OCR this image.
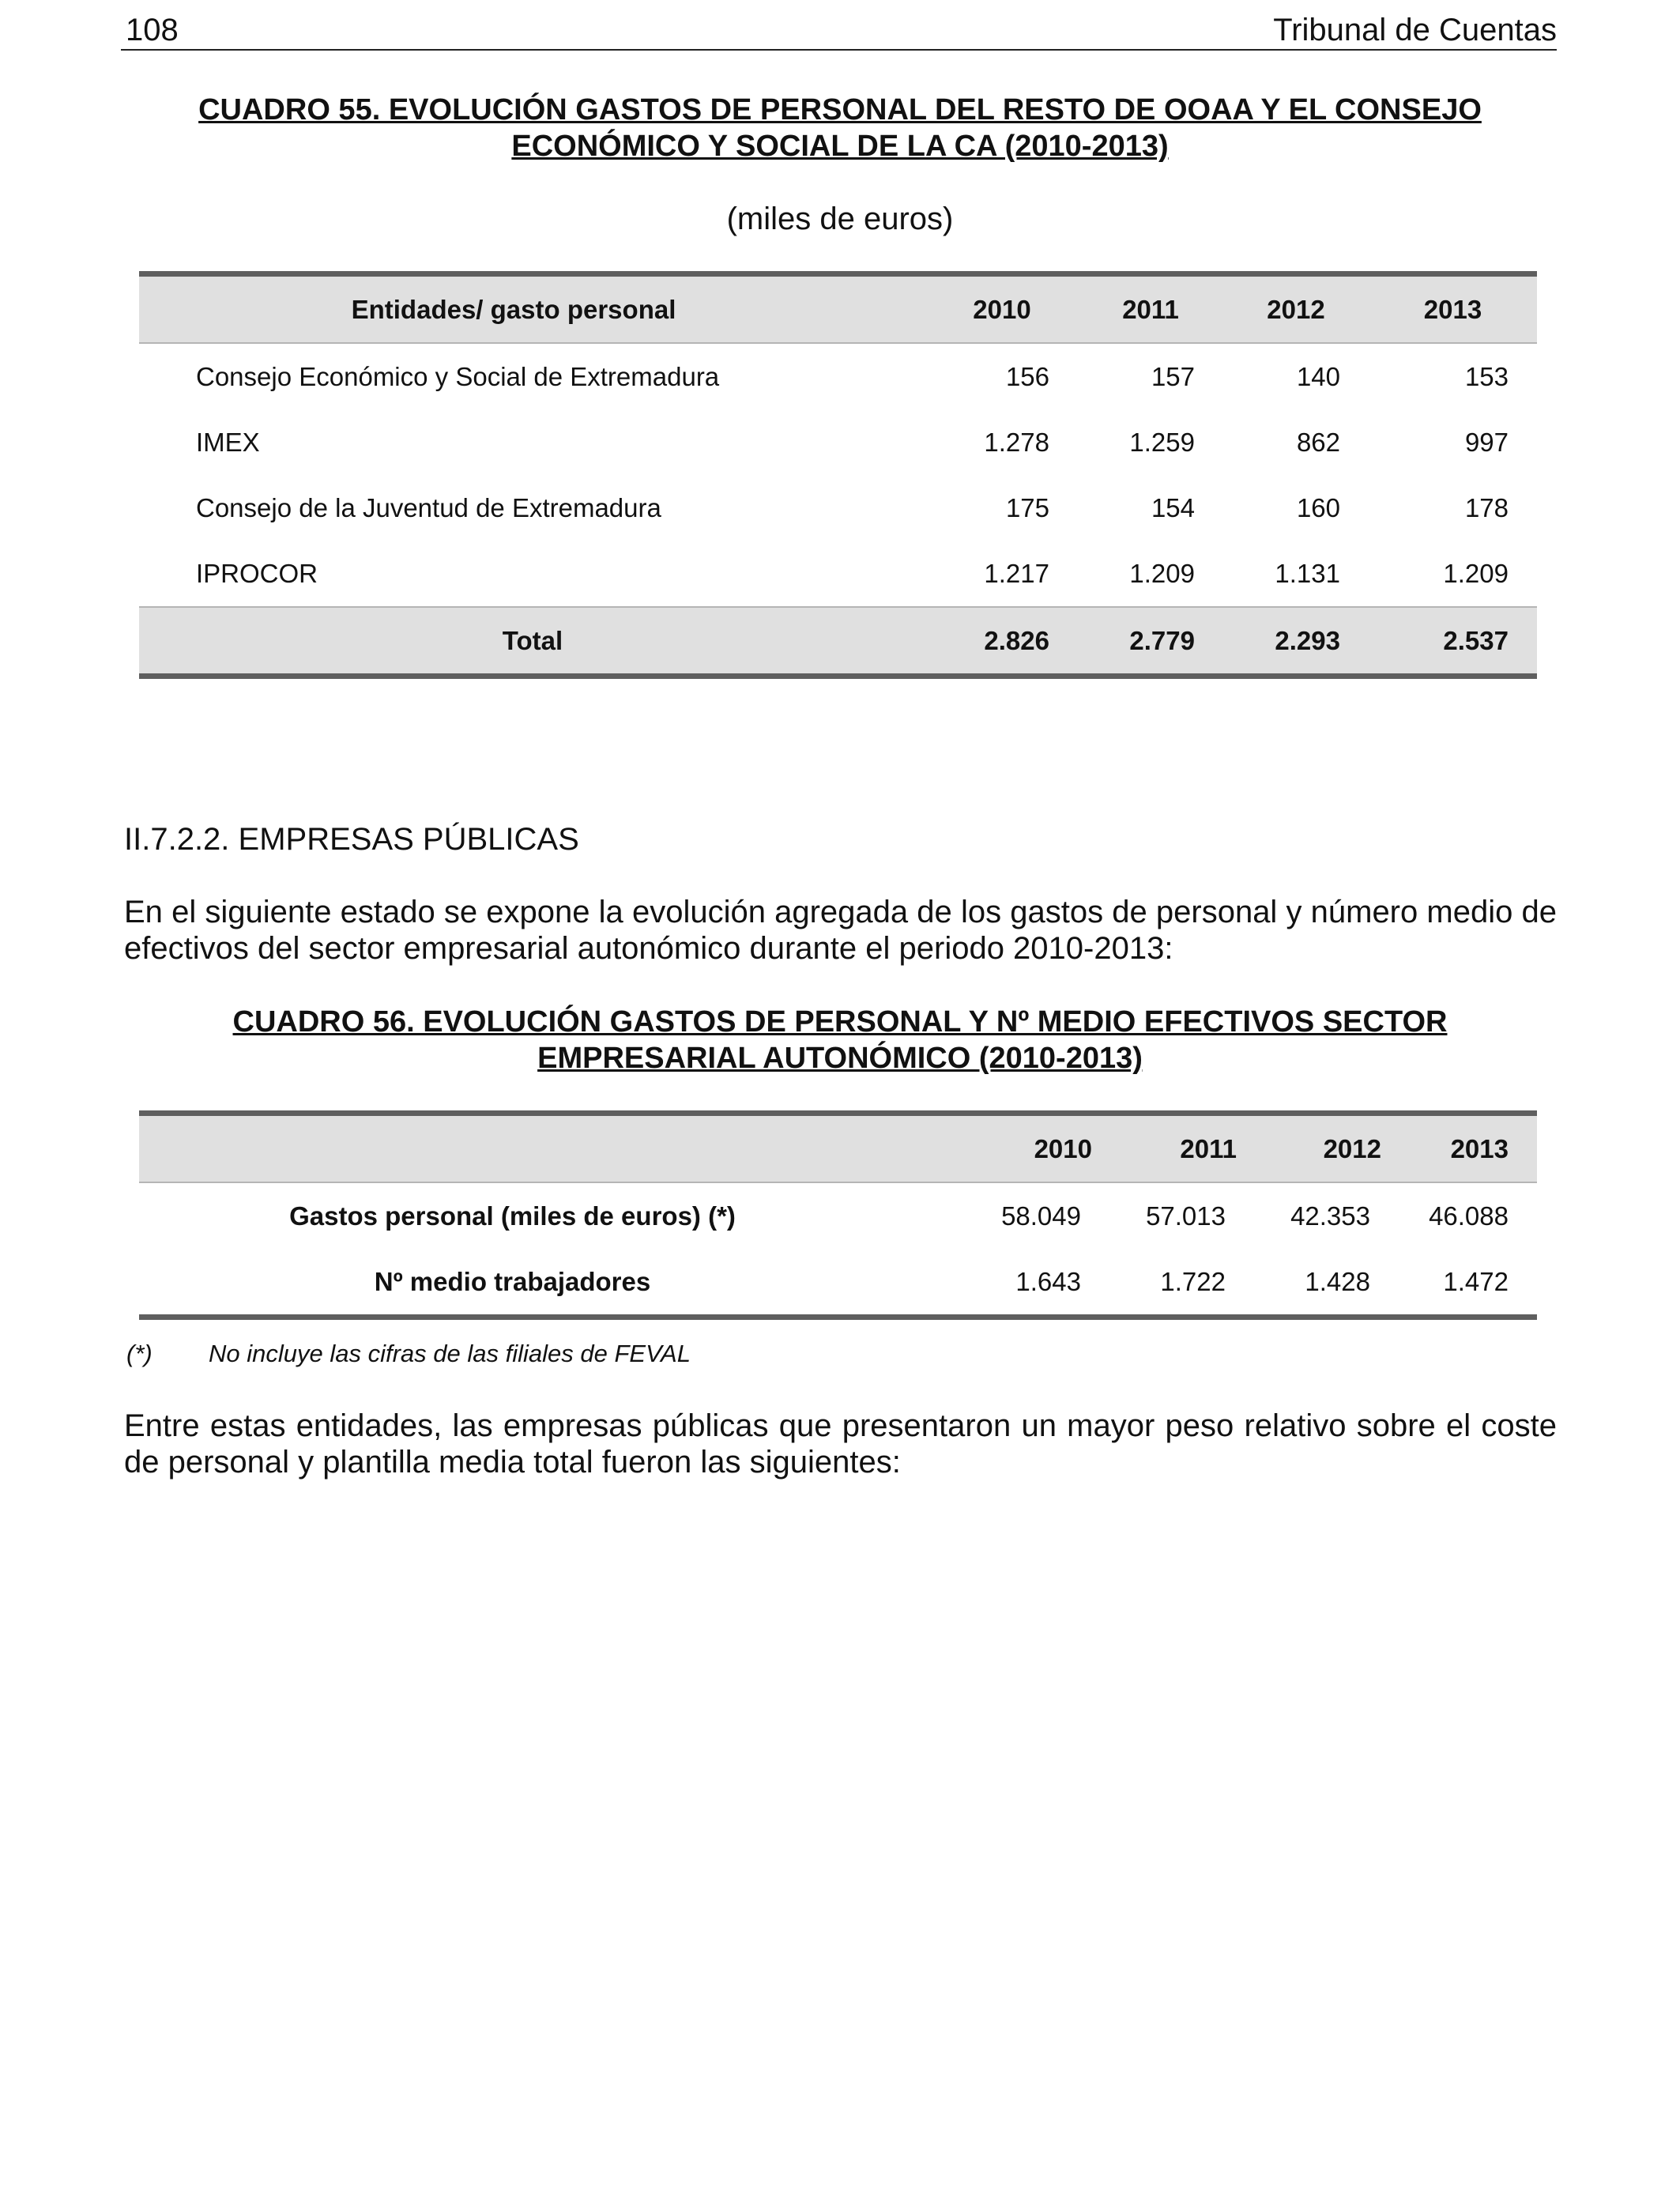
108	Tribunal de Cuentas
CUADRO 55. EVOLUCIÓN GASTOS DE PERSONAL DEL RESTO DE OOAA Y EL CONSEJO
ECONÓMICO Y SOCIAL DE LA CA (2010-2013)
(miles de euros)
Entidades/ gasto personal	2010	2011	2012	2013
Consejo Económico y Social de Extremadura	156	157	140	153
IMEX	1.278	1.259	862	997
Consejo de la Juventud de Extremadura	175	154	160	178
IPROCOR	1.217	1.209	1.131	1.209
Total	2.826	2.779	2.293	2.537
II.7.2.2. EMPRESAS PÚBLICAS
En el siguiente estado se expone la evolución agregada de los gastos de personal y número medio de efectivos del sector empresarial autonómico durante el periodo 2010-2013:
CUADRO 56. EVOLUCIÓN GASTOS DE PERSONAL Y Nº MEDIO EFECTIVOS SECTOR
EMPRESARIAL AUTONÓMICO (2010-2013)
	2010	2011	2012	2013
Gastos personal (miles de euros) (*)	58.049	57.013	42.353	46.088
Nº medio trabajadores	1.643	1.722	1.428	1.472
(*) No incluye las cifras de las filiales de FEVAL
Entre estas entidades, las empresas públicas que presentaron un mayor peso relativo sobre el coste de personal y plantilla media total fueron las siguientes:
